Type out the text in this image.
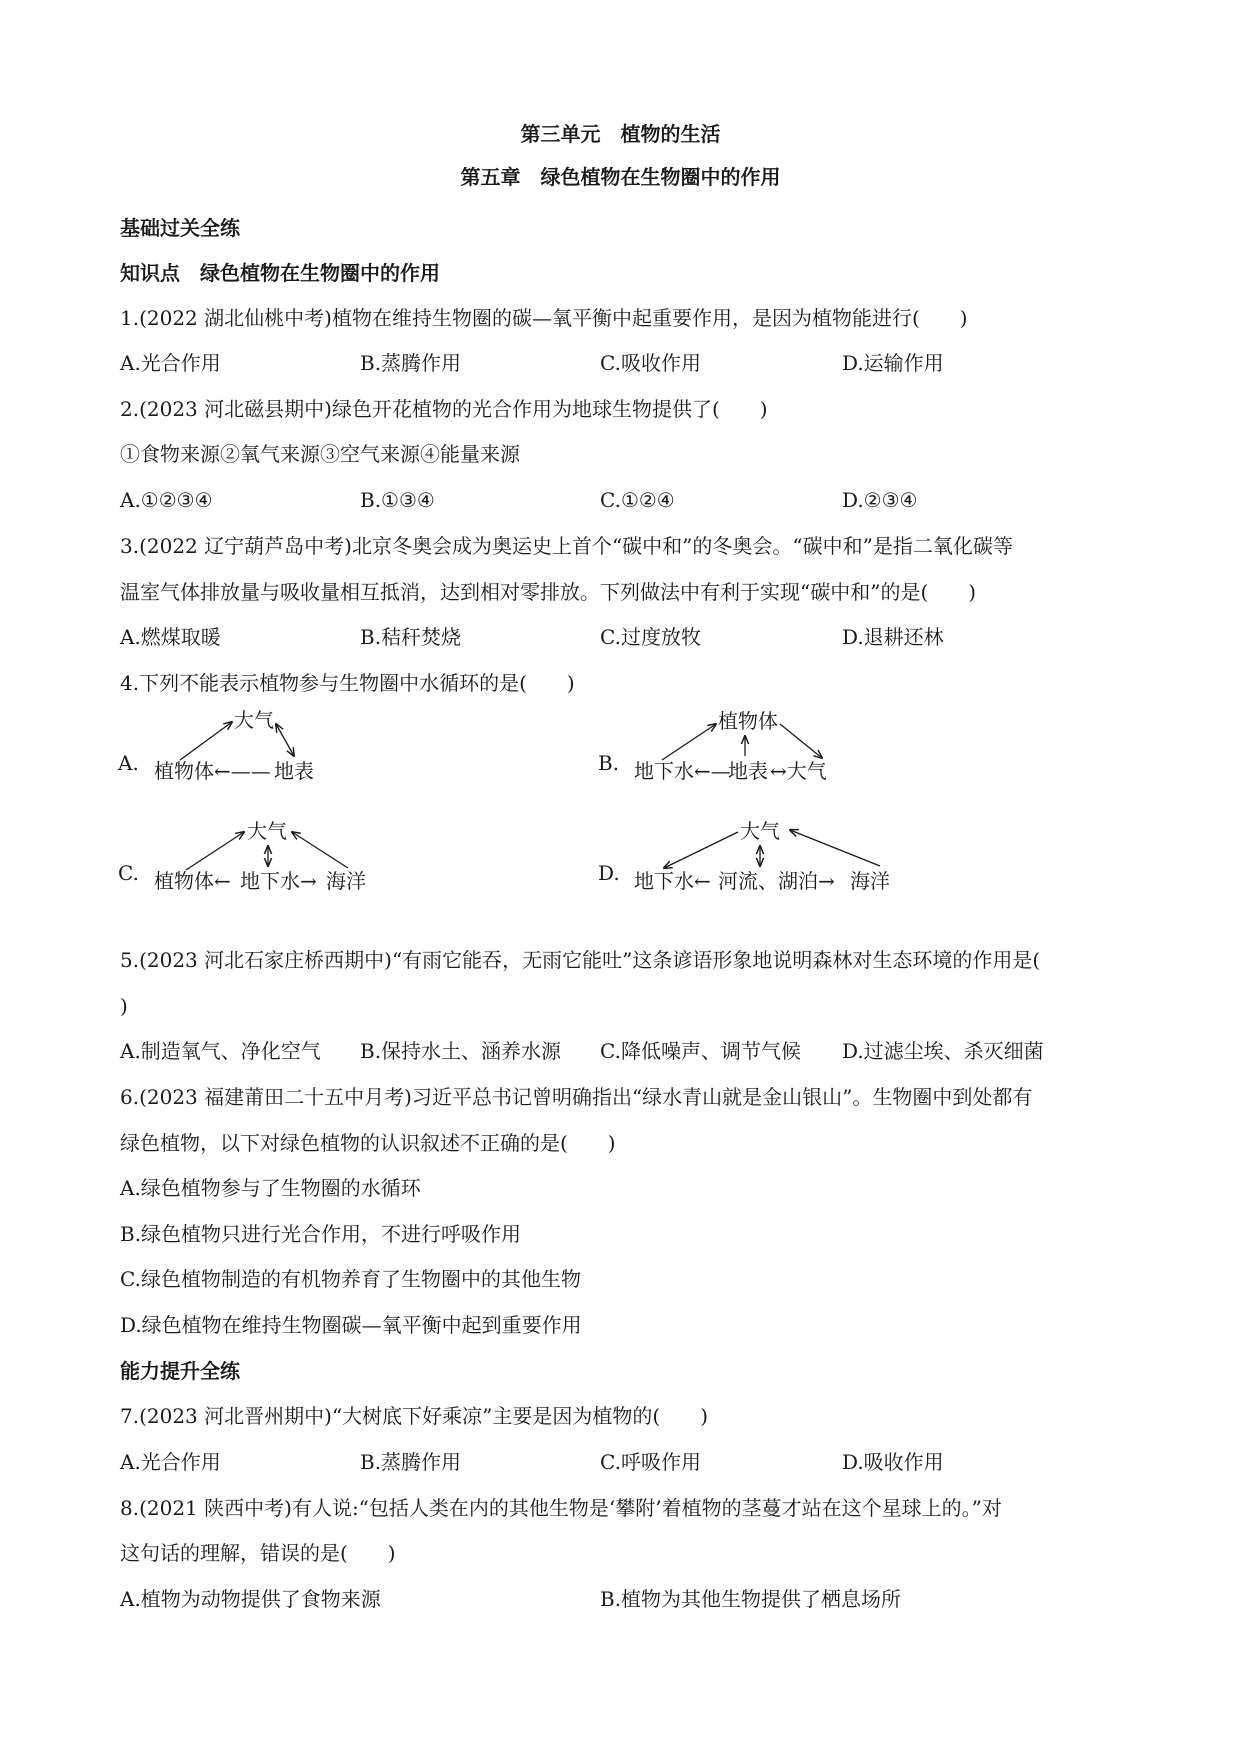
第三单元　植物的生活
第五章　绿色植物在生物圈中的作用
基础过关全练
知识点　绿色植物在生物圈中的作用
1.(2022 湖北仙桃中考)植物在维持生物圈的碳—氧平衡中起重要作用，是因为植物能进行(　　)
A.光合作用	B.蒸腾作用	C.吸收作用	D.运输作用
2.(2023 河北磁县期中)绿色开花植物的光合作用为地球生物提供了(　　)
①食物来源②氧气来源③空气来源④能量来源
A.①②③④	B.①③④	C.①②④	D.②③④
3.(2022 辽宁葫芦岛中考)北京冬奥会成为奥运史上首个“碳中和”的冬奥会。“碳中和”是指二氧化碳等
温室气体排放量与吸收量相互抵消，达到相对零排放。下列做法中有利于实现“碳中和”的是(　　)
A.燃煤取暖	B.秸秆焚烧	C.过度放牧	D.退耕还林
4.下列不能表示植物参与生物圈中水循环的是(　　)
A.
大气
植物体←—— 地表	B.
植物体
地下水←—
地表 ↔大气
C.
大气
植物体← 地下水→ 海洋	D.
大气
地下水← 河流、湖泊→ 海洋
5.(2023 河北石家庄桥西期中)“有雨它能吞，无雨它能吐”这条谚语形象地说明森林对生态环境的作用是(
)
A.制造氧气、净化空气 B.保持水土、涵养水源 C.降低噪声、调节气候 D.过滤尘埃、杀灭细菌
6.(2023 福建莆田二十五中月考)习近平总书记曾明确指出“绿水青山就是金山银山”。生物圈中到处都有
绿色植物，以下对绿色植物的认识叙述不正确的是(　　)
A.绿色植物参与了生物圈的水循环
B.绿色植物只进行光合作用，不进行呼吸作用
C.绿色植物制造的有机物养育了生物圈中的其他生物
D.绿色植物在维持生物圈碳—氧平衡中起到重要作用
能力提升全练
7.(2023 河北晋州期中)“大树底下好乘凉”主要是因为植物的(　　)
A.光合作用	B.蒸腾作用	C.呼吸作用	D.吸收作用
8.(2021 陕西中考)有人说:“包括人类在内的其他生物是‘攀附’着植物的茎蔓才站在这个星球上的。”对
这句话的理解，错误的是(　　)
A.植物为动物提供了食物来源	B.植物为其他生物提供了栖息场所
